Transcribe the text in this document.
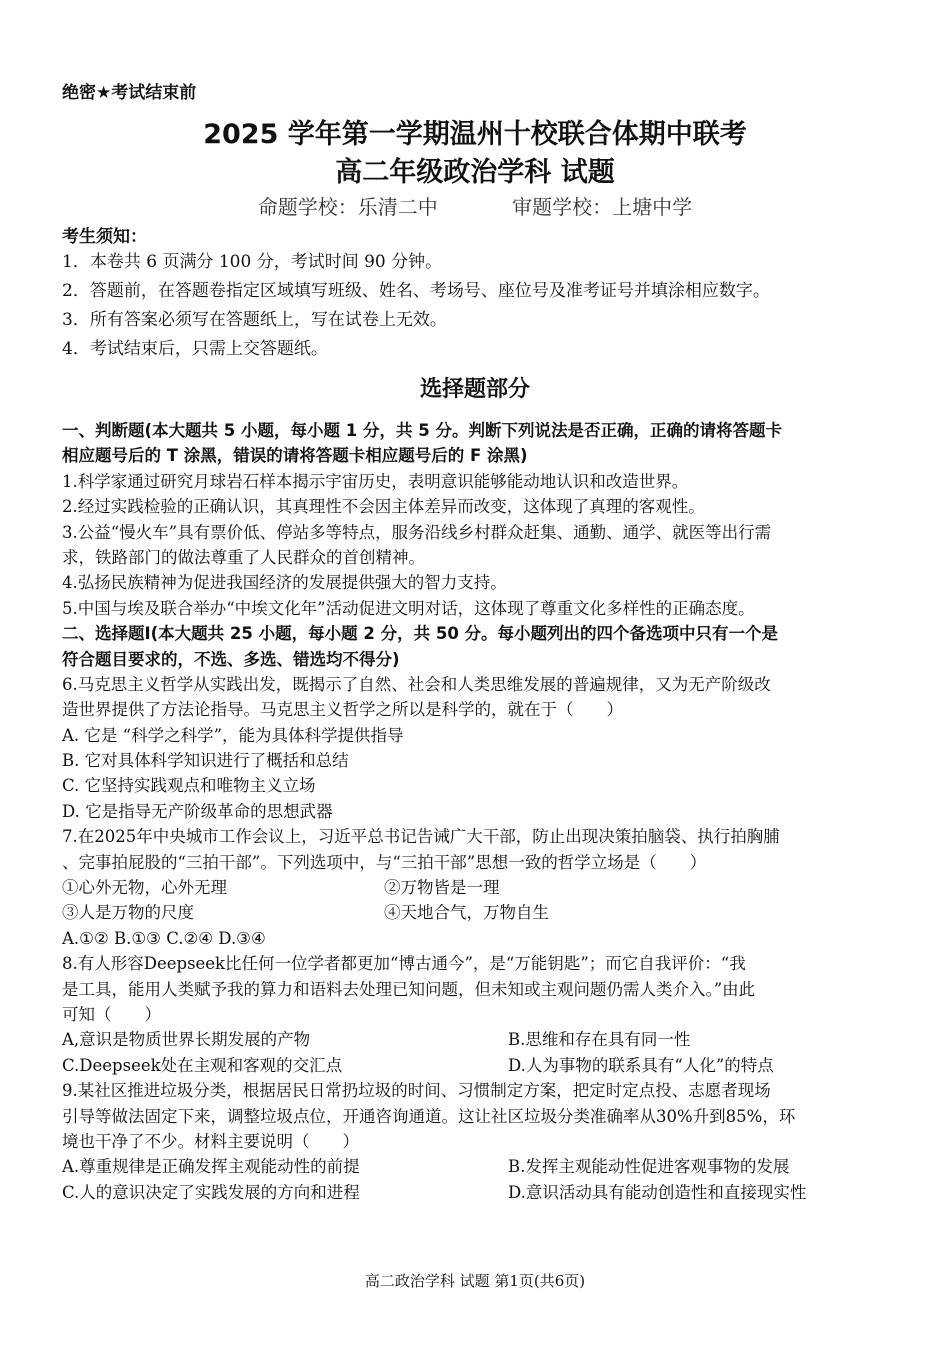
绝密★考试结束前
2025 学年第一学期温州十校联合体期中联考
高二年级政治学科 试题
命题学校：乐清二中	审题学校：上塘中学
考生须知：
1．本卷共 6 页满分 100 分，考试时间 90 分钟。
2．答题前，在答题卷指定区域填写班级、姓名、考场号、座位号及准考证号并填涂相应数字。
3．所有答案必须写在答题纸上，写在试卷上无效。
4．考试结束后，只需上交答题纸。
选择题部分
一、判断题(本大题共 5 小题，每小题 1 分，共 5 分。判断下列说法是否正确，正确的请将答题卡
相应题号后的 T 涂黑，错误的请将答题卡相应题号后的 F 涂黑)
1.科学家通过研究月球岩石样本揭示宇宙历史，表明意识能够能动地认识和改造世界。
2.经过实践检验的正确认识，其真理性不会因主体差异而改变，这体现了真理的客观性。
3.公益“慢火车”具有票价低、停站多等特点，服务沿线乡村群众赶集、通勤、通学、就医等出行需
求，铁路部门的做法尊重了人民群众的首创精神。
4.弘扬民族精神为促进我国经济的发展提供强大的智力支持。
5.中国与埃及联合举办“中埃文化年”活动促进文明对话，这体现了尊重文化多样性的正确态度。
二、选择题Ⅰ(本大题共 25 小题，每小题 2 分，共 50 分。每小题列出的四个备选项中只有一个是
符合题目要求的，不选、多选、错选均不得分)
6.马克思主义哲学从实践出发，既揭示了自然、社会和人类思维发展的普遍规律，又为无产阶级改
造世界提供了方法论指导。马克思主义哲学之所以是科学的，就在于（　　）
A. 它是 “科学之科学”，能为具体科学提供指导
B. 它对具体科学知识进行了概括和总结
C. 它坚持实践观点和唯物主义立场
D. 它是指导无产阶级革命的思想武器
7.在2025年中央城市工作会议上，习近平总书记告诫广大干部，防止出现决策拍脑袋、执行拍胸脯
、完事拍屁股的“三拍干部”。下列选项中，与“三拍干部”思想一致的哲学立场是（　　）
①心外无物，心外无理	②万物皆是一理
③人是万物的尺度	④天地合气，万物自生
A.①② B.①③ C.②④ D.③④
8.有人形容Deepseek比任何一位学者都更加“博古通今”，是“万能钥匙”；而它自我评价：“我
是工具，能用人类赋予我的算力和语料去处理已知问题，但未知或主观问题仍需人类介入。”由此
可知（　　）
A,意识是物质世界长期发展的产物	B.思维和存在具有同一性
C.Deepseek处在主观和客观的交汇点	D.人为事物的联系具有“人化”的特点
9.某社区推进垃圾分类，根据居民日常扔垃圾的时间、习惯制定方案，把定时定点投、志愿者现场
引导等做法固定下来，调整垃圾点位，开通咨询通道。这让社区垃圾分类准确率从30%升到85%，环
境也干净了不少。材料主要说明（　　）
A.尊重规律是正确发挥主观能动性的前提	B.发挥主观能动性促进客观事物的发展
C.人的意识决定了实践发展的方向和进程	D.意识活动具有能动创造性和直接现实性
高二政治学科 试题 第1页(共6页)
